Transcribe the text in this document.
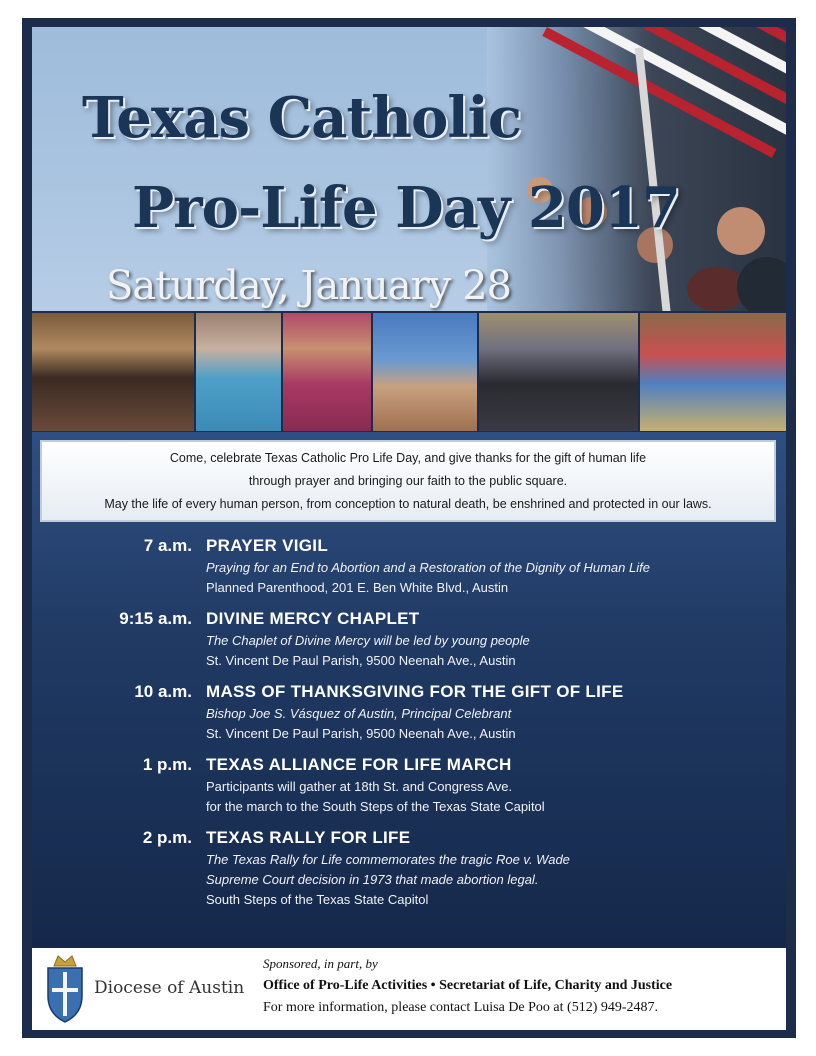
Texas Catholic
Pro-Life Day 2017
Saturday, January 28
Come, celebrate Texas Catholic Pro Life Day, and give thanks for the gift of human life
through prayer and bringing our faith to the public square.
May the life of every human person, from conception to natural death, be enshrined and protected in our laws.
7 a.m. PRAYER VIGIL
Praying for an End to Abortion and a Restoration of the Dignity of Human Life
Planned Parenthood, 201 E. Ben White Blvd., Austin
9:15 a.m. DIVINE MERCY CHAPLET
The Chaplet of Divine Mercy will be led by young people
St. Vincent De Paul Parish, 9500 Neenah Ave., Austin
10 a.m. MASS OF THANKSGIVING FOR THE GIFT OF LIFE
Bishop Joe S. Vásquez of Austin, Principal Celebrant
St. Vincent De Paul Parish, 9500 Neenah Ave., Austin
1 p.m. TEXAS ALLIANCE FOR LIFE MARCH
Participants will gather at 18th St. and Congress Ave.
for the march to the South Steps of the Texas State Capitol
2 p.m. TEXAS RALLY FOR LIFE
The Texas Rally for Life commemorates the tragic Roe v. Wade
Supreme Court decision in 1973 that made abortion legal.
South Steps of the Texas State Capitol
Diocese of Austin
Sponsored, in part, by
Office of Pro-Life Activities • Secretariat of Life, Charity and Justice
For more information, please contact Luisa De Poo at (512) 949-2487.
